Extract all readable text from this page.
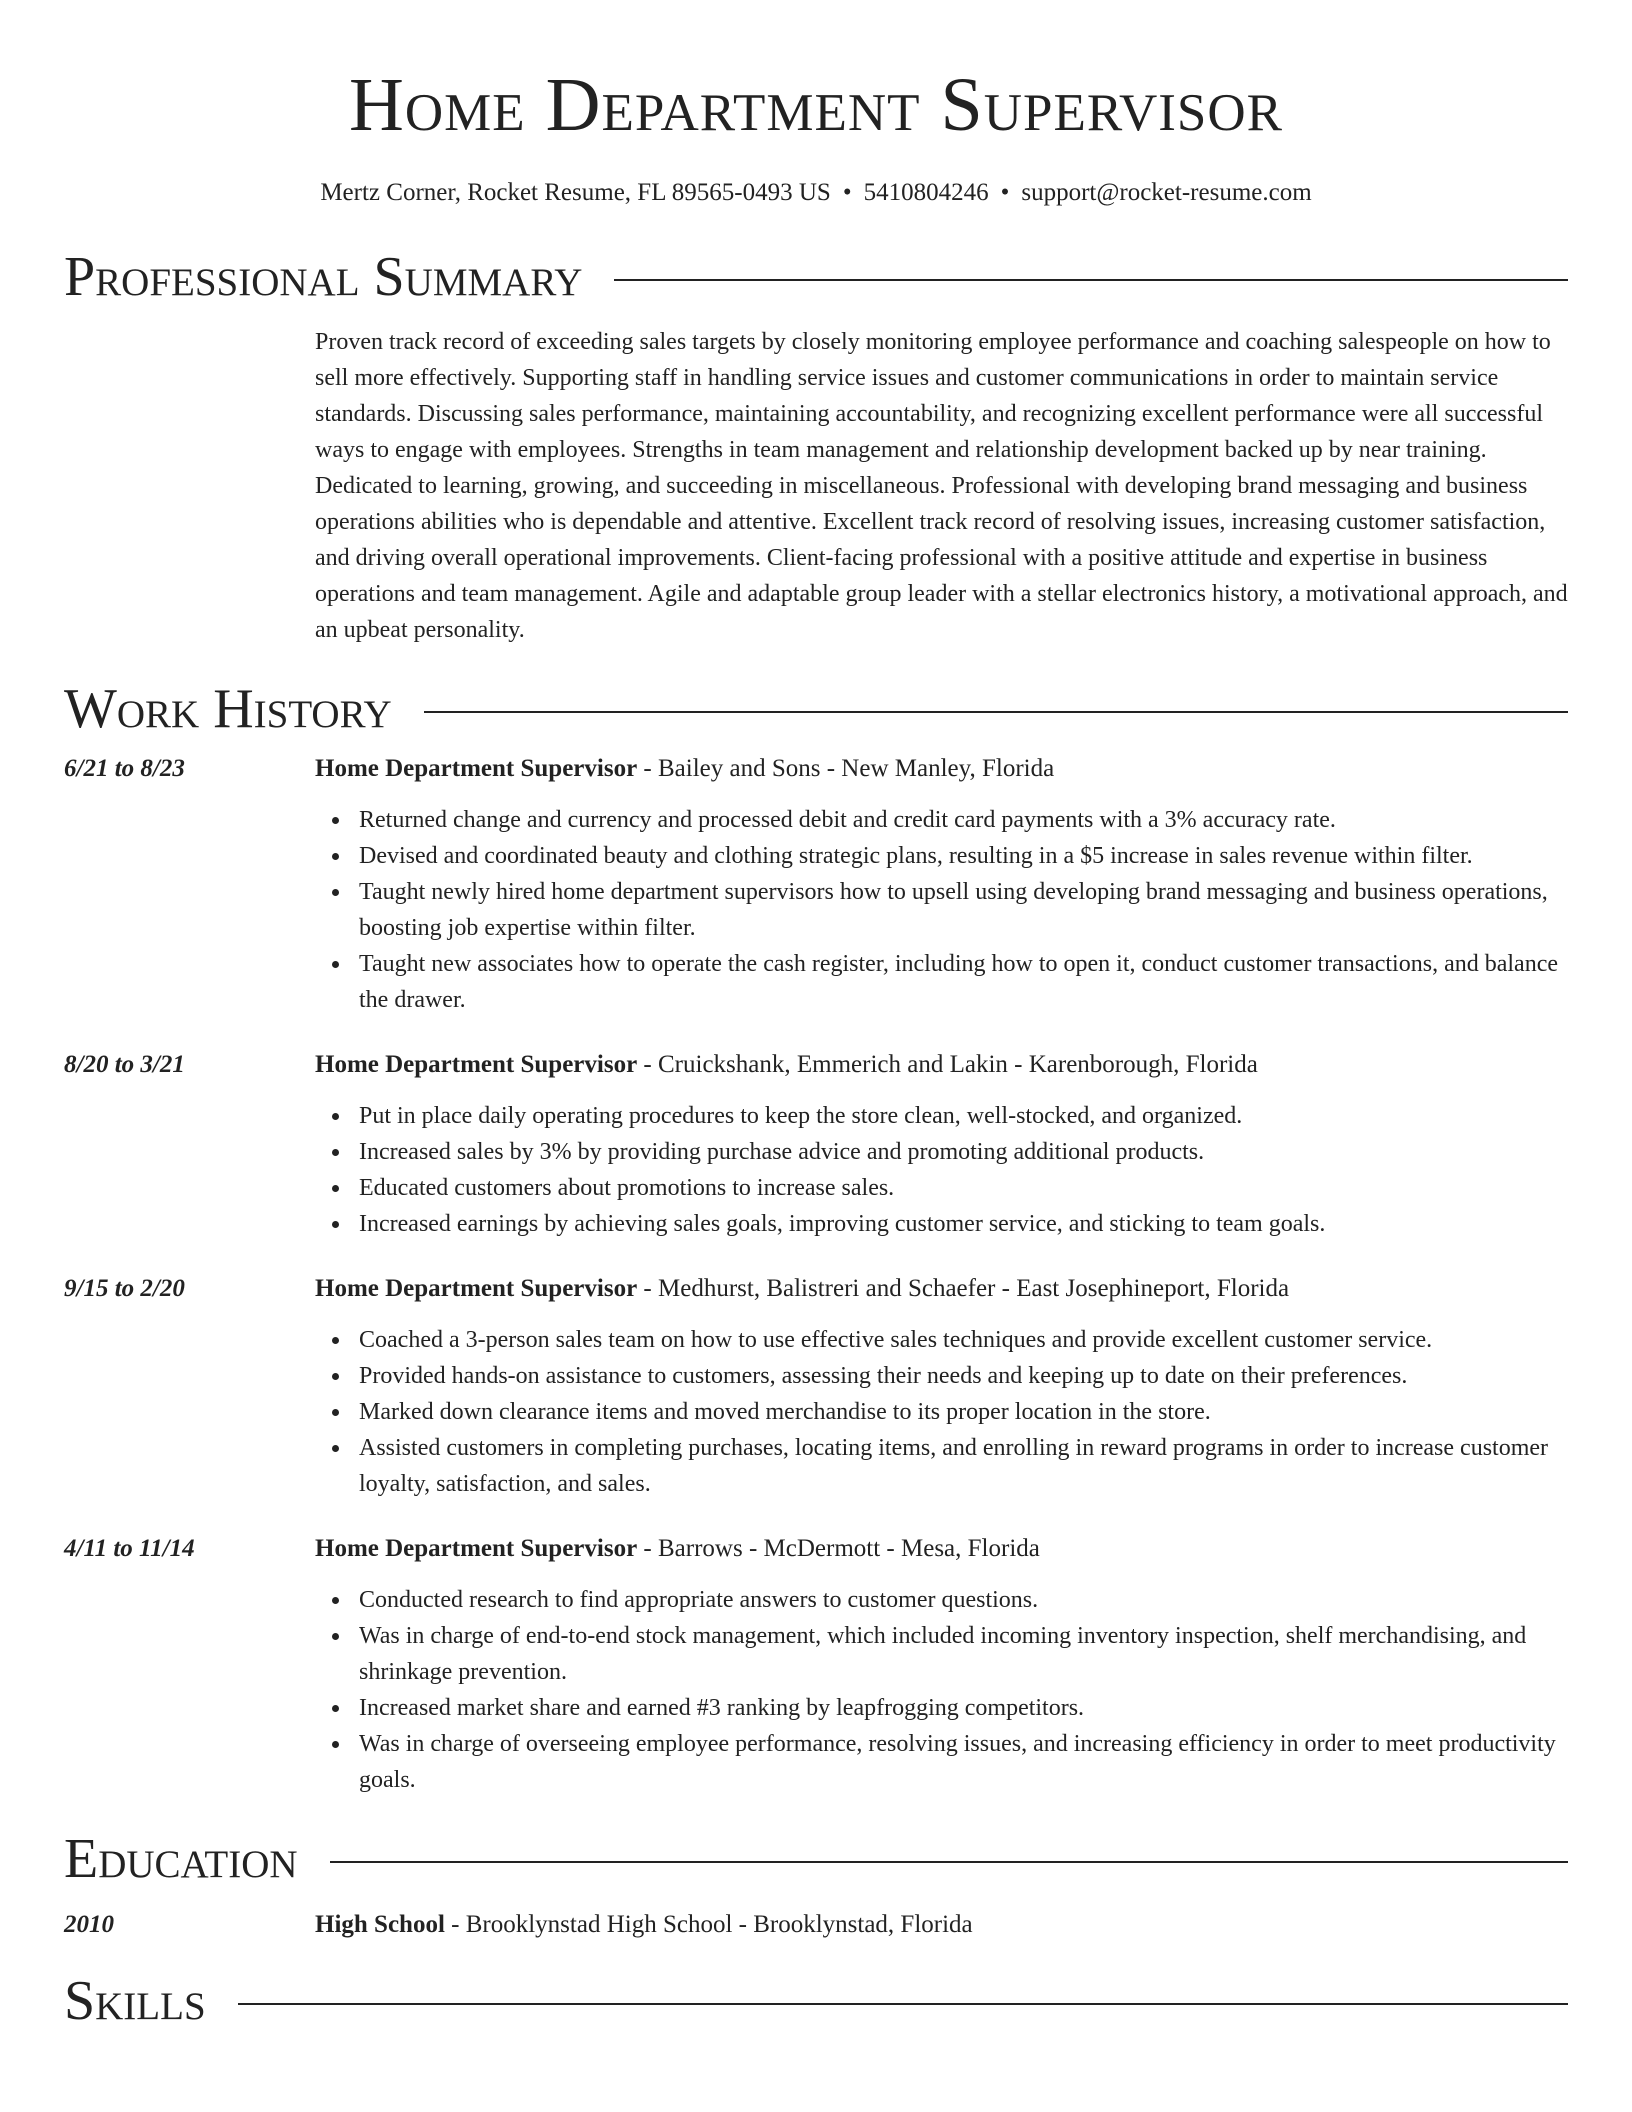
Home Department Supervisor
Mertz Corner, Rocket Resume, FL 89565-0493 US • 5410804246 • support@rocket-resume.com
Professional Summary
Proven track record of exceeding sales targets by closely monitoring employee performance and coaching salespeople on how to sell more effectively. Supporting staff in handling service issues and customer communications in order to maintain service standards. Discussing sales performance, maintaining accountability, and recognizing excellent performance were all successful ways to engage with employees. Strengths in team management and relationship development backed up by near training. Dedicated to learning, growing, and succeeding in miscellaneous. Professional with developing brand messaging and business operations abilities who is dependable and attentive. Excellent track record of resolving issues, increasing customer satisfaction, and driving overall operational improvements. Client-facing professional with a positive attitude and expertise in business operations and team management. Agile and adaptable group leader with a stellar electronics history, a motivational approach, and an upbeat personality.
Work History
6/21 to 8/23	Home Department Supervisor - Bailey and Sons - New Manley, Florida
Returned change and currency and processed debit and credit card payments with a 3% accuracy rate.
Devised and coordinated beauty and clothing strategic plans, resulting in a $5 increase in sales revenue within filter.
Taught newly hired home department supervisors how to upsell using developing brand messaging and business operations, boosting job expertise within filter.
Taught new associates how to operate the cash register, including how to open it, conduct customer transactions, and balance the drawer.
8/20 to 3/21	Home Department Supervisor - Cruickshank, Emmerich and Lakin - Karenborough, Florida
Put in place daily operating procedures to keep the store clean, well-stocked, and organized.
Increased sales by 3% by providing purchase advice and promoting additional products.
Educated customers about promotions to increase sales.
Increased earnings by achieving sales goals, improving customer service, and sticking to team goals.
9/15 to 2/20	Home Department Supervisor - Medhurst, Balistreri and Schaefer - East Josephineport, Florida
Coached a 3-person sales team on how to use effective sales techniques and provide excellent customer service.
Provided hands-on assistance to customers, assessing their needs and keeping up to date on their preferences.
Marked down clearance items and moved merchandise to its proper location in the store.
Assisted customers in completing purchases, locating items, and enrolling in reward programs in order to increase customer loyalty, satisfaction, and sales.
4/11 to 11/14	Home Department Supervisor - Barrows - McDermott - Mesa, Florida
Conducted research to find appropriate answers to customer questions.
Was in charge of end-to-end stock management, which included incoming inventory inspection, shelf merchandising, and shrinkage prevention.
Increased market share and earned #3 ranking by leapfrogging competitors.
Was in charge of overseeing employee performance, resolving issues, and increasing efficiency in order to meet productivity goals.
Education
2010	High School - Brooklynstad High School - Brooklynstad, Florida
Skills
